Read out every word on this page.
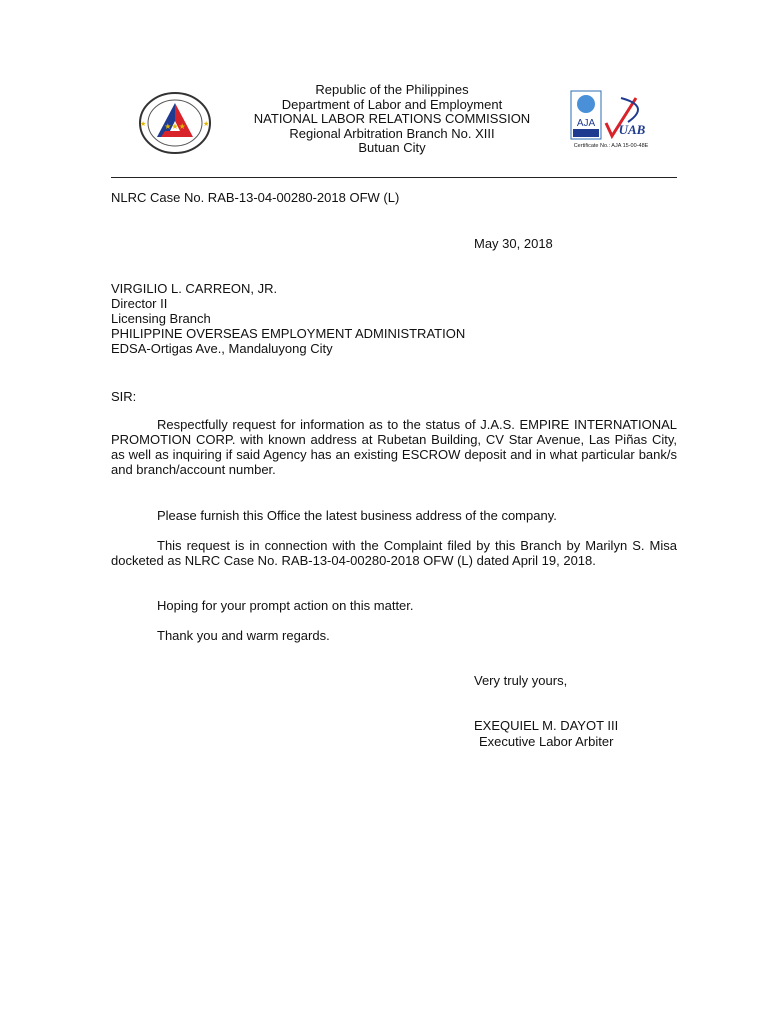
★★★
★	★
Republic of the Philippines
Department of Labor and Employment
NATIONAL LABOR RELATIONS COMMISSION
Regional Arbitration Branch No. XIII
Butuan City
AJA UAB
Certificate No.: AJA 15-00-48E
NLRC Case No. RAB-13-04-00280-2018 OFW (L)
May 30, 2018
VIRGILIO L. CARREON, JR.
Director II
Licensing Branch
PHILIPPINE OVERSEAS EMPLOYMENT ADMINISTRATION
EDSA-Ortigas Ave., Mandaluyong City
SIR:
Respectfully request for information as to the status of J.A.S. EMPIRE INTERNATIONAL PROMOTION CORP. with known address at Rubetan Building, CV Star Avenue, Las Piñas City, as well as inquiring if said Agency has an existing ESCROW deposit and in what particular bank/s and branch/account number.
Please furnish this Office the latest business address of the company.
This request is in connection with the Complaint filed by this Branch by Marilyn S. Misa docketed as NLRC Case No. RAB-13-04-00280-2018 OFW (L) dated April 19, 2018.
Hoping for your prompt action on this matter.
Thank you and warm regards.
Very truly yours,
EXEQUIEL M. DAYOT III
Executive Labor Arbiter
